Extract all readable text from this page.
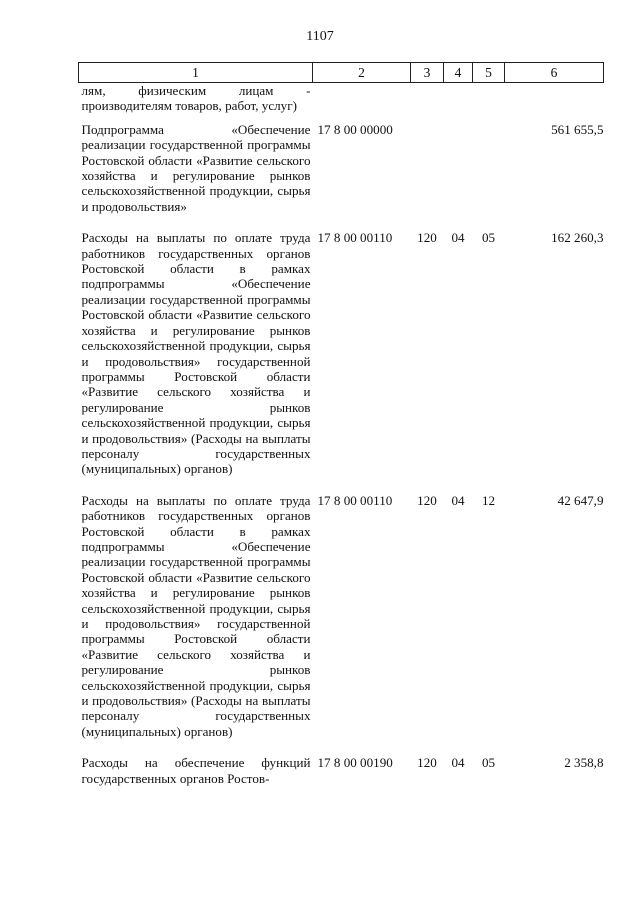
1107
1	2	3	4	5	6
лям, физическим лицам - производителям товаров, работ, услуг)					
Подпрограмма «Обеспечение реализации государственной программы Ростовской области «Развитие сельского хозяйства и регулирование рынков сельскохозяйственной продукции, сырья и продовольствия»	17 8 00 00000				561 655,5
Расходы на выплаты по оплате труда работников государственных органов Ростовской области в рамках подпрограммы «Обеспечение реализации государственной программы Ростовской области «Развитие сельского хозяйства и регулирование рынков сельскохозяйственной продукции, сырья и продовольствия» государственной программы Ростовской области «Развитие сельского хозяйства и регулирование рынков сельскохозяйственной продукции, сырья и продовольствия» (Расходы на выплаты персоналу государственных (муниципальных) органов)	17 8 00 00110	120	04	05	162 260,3
Расходы на выплаты по оплате труда работников государственных органов Ростовской области в рамках подпрограммы «Обеспечение реализации государственной программы Ростовской области «Развитие сельского хозяйства и регулирование рынков сельскохозяйственной продукции, сырья и продовольствия» государственной программы Ростовской области «Развитие сельского хозяйства и регулирование рынков сельскохозяйственной продукции, сырья и продовольствия» (Расходы на выплаты персоналу государственных (муниципальных) органов)	17 8 00 00110	120	04	12	42 647,9
Расходы на обеспечение функций государственных органов Ростов-	17 8 00 00190	120	04	05	2 358,8
